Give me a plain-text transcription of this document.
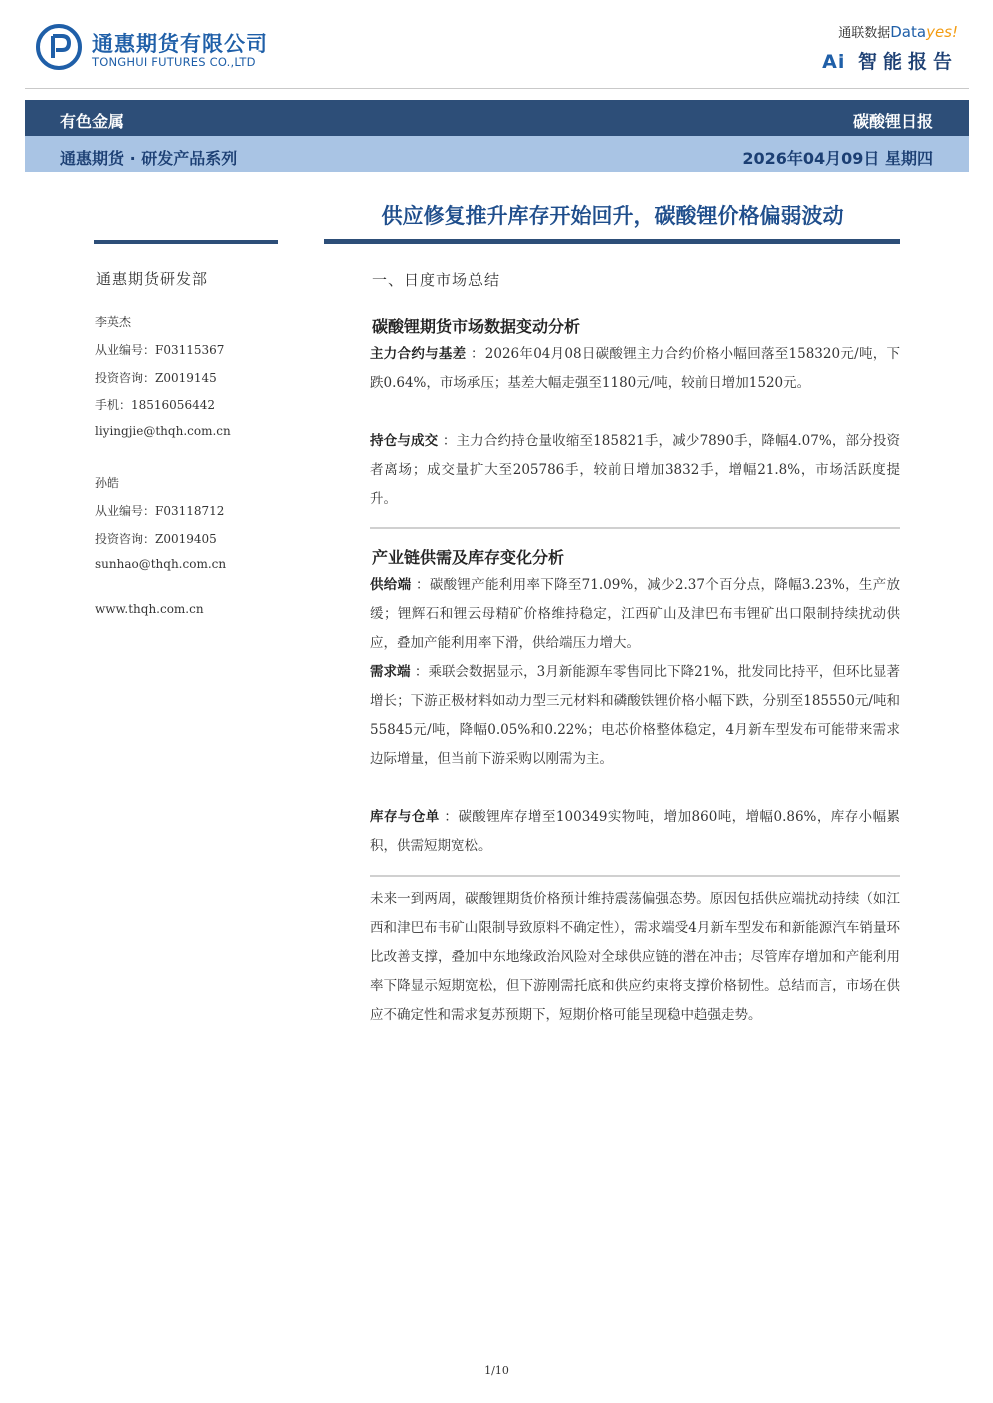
通惠期货有限公司
TONGHUI FUTURES CO.,LTD
通联数据Datayes!
Ai 智能报告
有色金属	碳酸锂日报
通惠期货 · 研发产品系列	2026年04月09日 星期四
供应修复推升库存开始回升，碳酸锂价格偏弱波动
通惠期货研发部
李英杰
从业编号：F03115367
投资咨询：Z0019145
手机：18516056442
liyingjie@thqh.com.cn
孙皓
从业编号：F03118712
投资咨询：Z0019405
sunhao@thqh.com.cn
www.thqh.com.cn
一、日度市场总结
碳酸锂期货市场数据变动分析
主力合约与基差 ：2026年04月08日碳酸锂主力合约价格小幅回落至158320元/吨，下跌0.64%，市场承压；基差大幅走强至1180元/吨，较前日增加1520元。
持仓与成交 ：主力合约持仓量收缩至185821手，减少7890手，降幅4.07%，部分投资者离场；成交量扩大至205786手，较前日增加3832手，增幅21.8%，市场活跃度提升。
产业链供需及库存变化分析
供给端 ：碳酸锂产能利用率下降至71.09%，减少2.37个百分点，降幅3.23%，生产放缓；锂辉石和锂云母精矿价格维持稳定，江西矿山及津巴布韦锂矿出口限制持续扰动供应，叠加产能利用率下滑，供给端压力增大。
需求端 ：乘联会数据显示，3月新能源车零售同比下降21%，批发同比持平，但环比显著增长；下游正极材料如动力型三元材料和磷酸铁锂价格小幅下跌，分别至185550元/吨和55845元/吨，降幅0.05%和0.22%；电芯价格整体稳定，4月新车型发布可能带来需求边际增量，但当前下游采购以刚需为主。
库存与仓单 ：碳酸锂库存增至100349实物吨，增加860吨，增幅0.86%，库存小幅累积，供需短期宽松。
未来一到两周，碳酸锂期货价格预计维持震荡偏强态势。原因包括供应端扰动持续（如江西和津巴布韦矿山限制导致原料不确定性），需求端受4月新车型发布和新能源汽车销量环比改善支撑，叠加中东地缘政治风险对全球供应链的潜在冲击；尽管库存增加和产能利用率下降显示短期宽松，但下游刚需托底和供应约束将支撑价格韧性。总结而言，市场在供应不确定性和需求复苏预期下，短期价格可能呈现稳中趋强走势。
1/10
